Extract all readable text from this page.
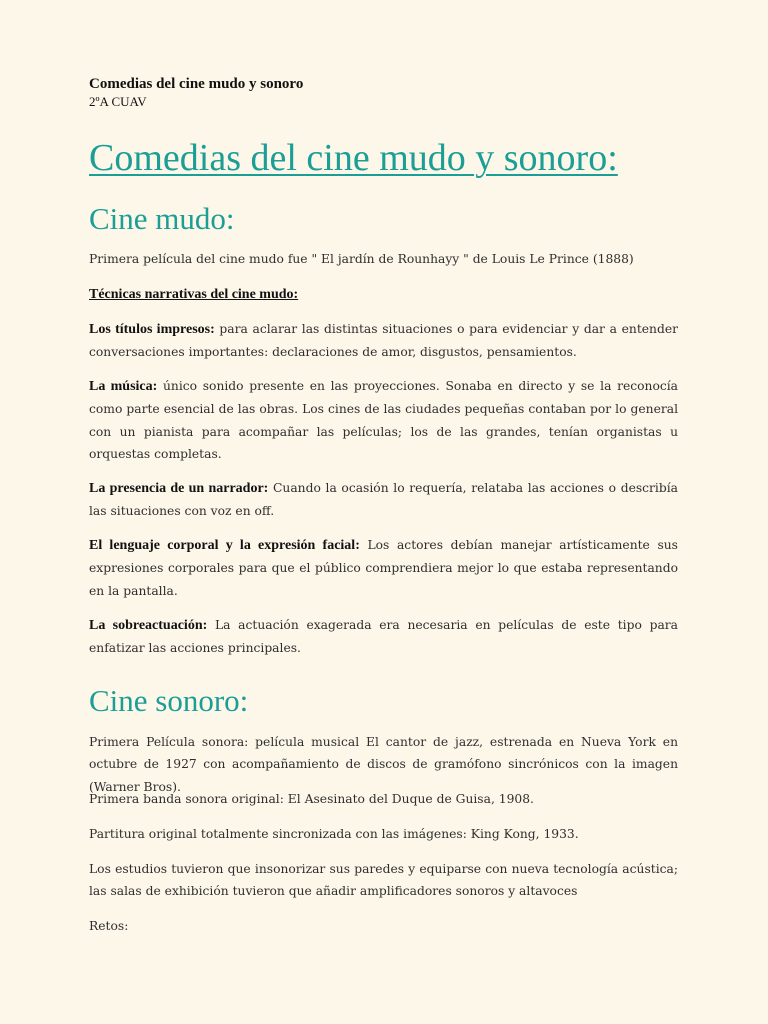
Comedias del cine mudo y sonoro
2ºA CUAV
Comedias del cine mudo y sonoro:
Cine mudo:

Primera película del cine mudo fue " El jardín de Rounhayy " de Louis Le Prince (1888)

Técnicas narrativas del cine mudo:

Los títulos impresos: para aclarar las distintas situaciones o para evidenciar y dar a entender conversaciones importantes: declaraciones de amor, disgustos, pensamientos.

La música: único sonido presente en las proyecciones. Sonaba en directo y se la reconocía como parte esencial de las obras. Los cines de las ciudades pequeñas contaban por lo general con un pianista para acompañar las películas; los de las grandes, tenían organistas u orquestas completas.

La presencia de un narrador: Cuando la ocasión lo requería, relataba las acciones o describía las situaciones con voz en off.

El lenguaje corporal y la expresión facial: Los actores debían manejar artísticamente sus expresiones corporales para que el público comprendiera mejor lo que estaba representando en la pantalla.

La sobreactuación: La actuación exagerada era necesaria en películas de este tipo para enfatizar las acciones principales.

Cine sonoro:

Primera Película sonora: película musical El cantor de jazz, estrenada en Nueva York en octubre de 1927 con acompañamiento de discos de gramófono sincrónicos con la imagen (Warner Bros).

Primera banda sonora original: El Asesinato del Duque de Guisa, 1908.

Partitura original totalmente sincronizada con las imágenes: King Kong, 1933.

Los estudios tuvieron que insonorizar sus paredes y equiparse con nueva tecnología acústica; las salas de exhibición tuvieron que añadir amplificadores sonoros y altavoces

Retos:
